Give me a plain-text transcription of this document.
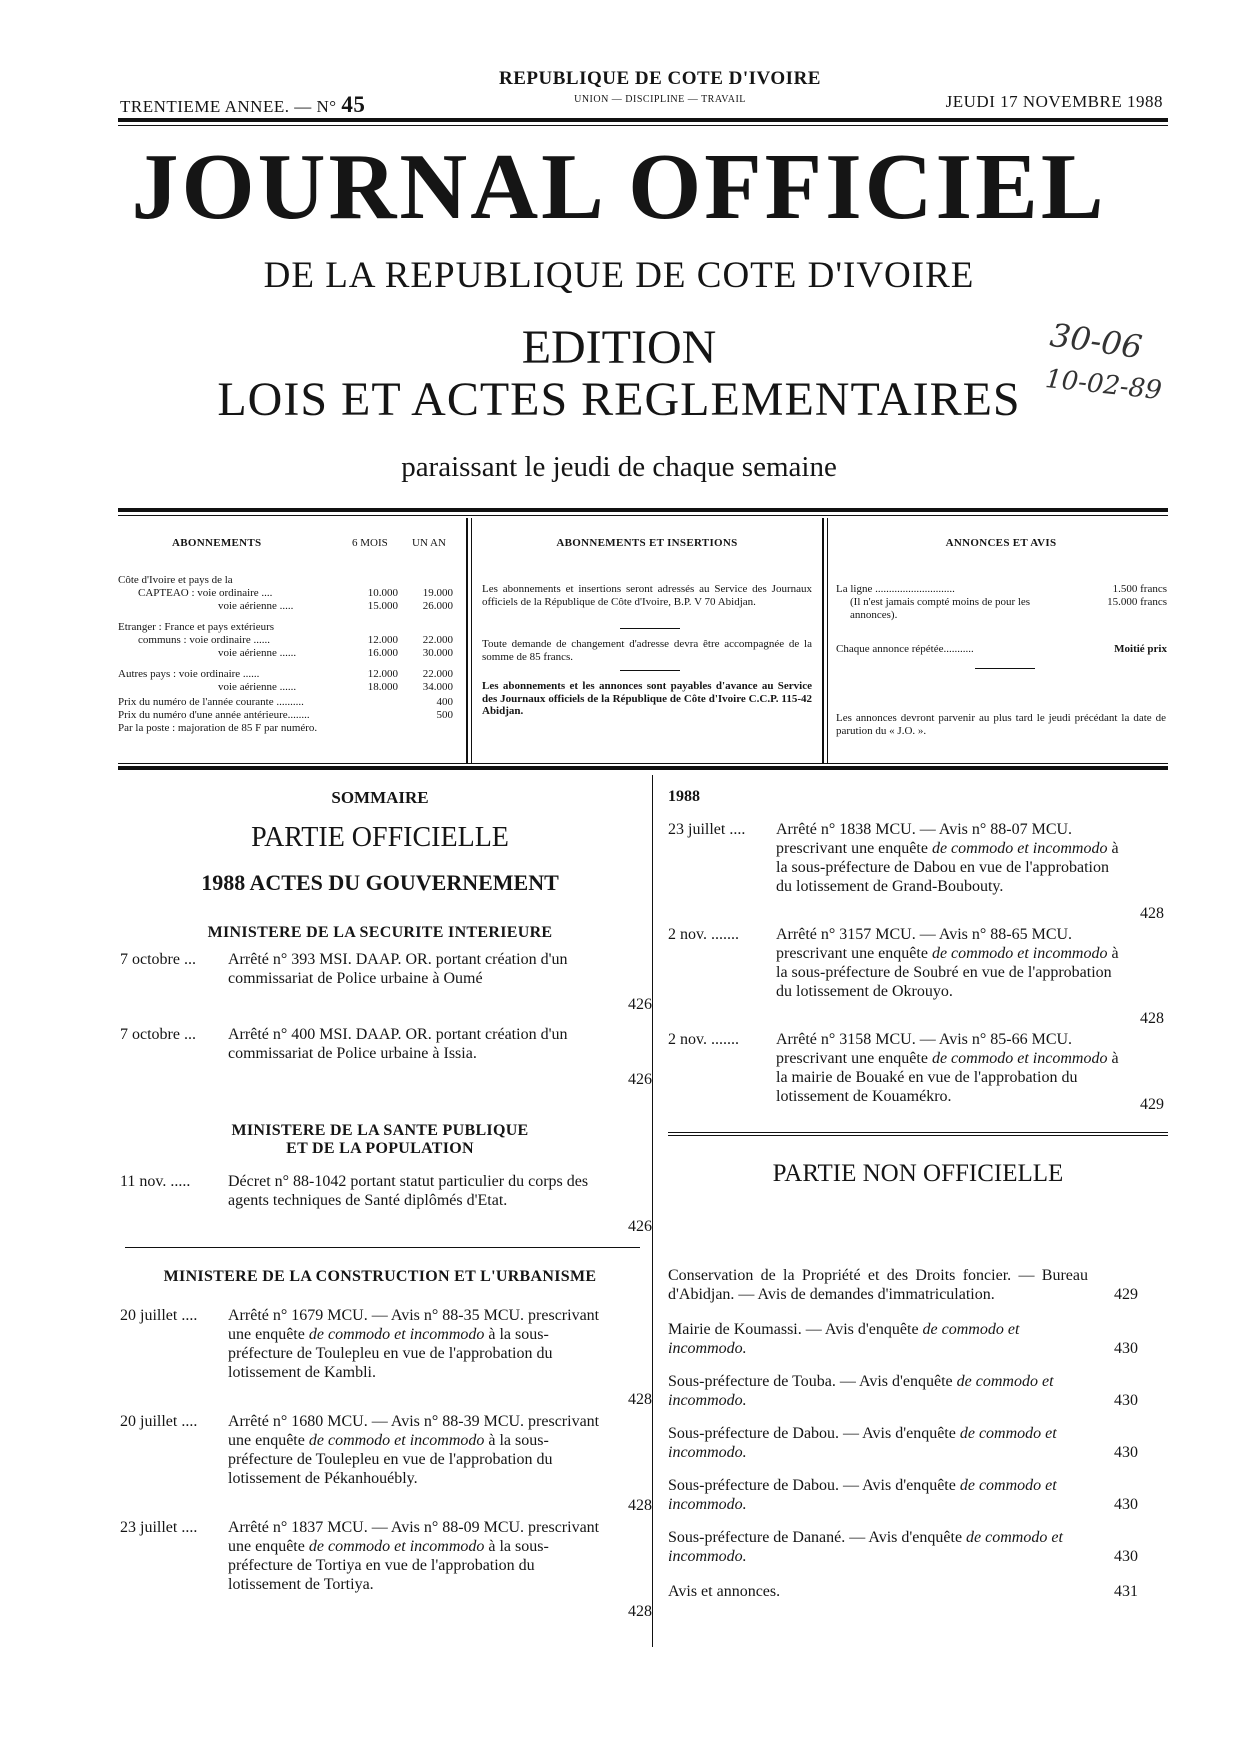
TRENTIEME ANNEE. — N° 45
REPUBLIQUE DE COTE D'IVOIRE
UNION — DISCIPLINE — TRAVAIL	JEUDI 17 NOVEMBRE 1988
JOURNAL OFFICIEL
DE LA REPUBLIQUE DE COTE D'IVOIRE
EDITION
LOIS ET ACTES REGLEMENTAIRES
paraissant le jeudi de chaque semaine
30-06
10-02-89
ABONNEMENTS	6 MOIS UN AN
Côte d'Ivoire et pays de la
CAPTEAO : voie ordinaire ....	10.000	19.000
voie aérienne .....	15.000	26.000
Etranger : France et pays extérieurs
communs : voie ordinaire ......	12.000	22.000
voie aérienne ......	16.000	30.000
Autres pays : voie ordinaire ......	12.000	22.000
voie aérienne ......	18.000	34.000
Prix du numéro de l'année courante ..........	400
Prix du numéro d'une année antérieure........	500
Par la poste : majoration de 85 F par numéro.
ABONNEMENTS ET INSERTIONS
Les abonnements et insertions seront adressés au Service des Journaux officiels de la République de Côte d'Ivoire, B.P. V 70 Abidjan.
Toute demande de changement d'adresse devra être accompagnée de la somme de 85 francs.
Les abonnements et les annonces sont payables d'avance au Service des Journaux officiels de la République de Côte d'Ivoire C.C.P. 115-42 Abidjan.
ANNONCES ET AVIS
La ligne .............................	1.500 francs
(Il n'est jamais compté moins de pour les annonces).
15.000 francs
Chaque annonce répétée...........	Moitié prix
Les annonces devront parvenir au plus tard le jeudi précédant la date de parution du « J.O. ».
SOMMAIRE
PARTIE OFFICIELLE
1988 ACTES DU GOUVERNEMENT
MINISTERE DE LA SECURITE INTERIEURE
7 octobre ... Arrêté n° 393 MSI. DAAP. OR. portant création d'un commissariat de Police urbaine à Oumé
426
7 octobre ... Arrêté n° 400 MSI. DAAP. OR. portant création d'un commissariat de Police urbaine à Issia.
426
MINISTERE DE LA SANTE PUBLIQUE
ET DE LA POPULATION
11 nov. ..... Décret n° 88-1042 portant statut particulier du corps des agents techniques de Santé diplômés d'Etat.
426
MINISTERE DE LA CONSTRUCTION ET L'URBANISME
20 juillet .... Arrêté n° 1679 MCU. — Avis n° 88-35 MCU. prescrivant une enquête de commodo et incommodo à la sous-préfecture de Toulepleu en vue de l'approbation du lotissement de Kambli.
428
20 juillet .... Arrêté n° 1680 MCU. — Avis n° 88-39 MCU. prescrivant une enquête de commodo et incommodo à la sous-préfecture de Toulepleu en vue de l'approbation du lotissement de Pékanhouébly.
428
23 juillet .... Arrêté n° 1837 MCU. — Avis n° 88-09 MCU. prescrivant une enquête de commodo et incommodo à la sous-préfecture de Tortiya en vue de l'approbation du lotissement de Tortiya.
428
1988
23 juillet .... Arrêté n° 1838 MCU. — Avis n° 88-07 MCU. prescrivant une enquête de commodo et incommodo à la sous-préfecture de Dabou en vue de l'approbation du lotissement de Grand-Boubouty.
428
2 nov. ....... Arrêté n° 3157 MCU. — Avis n° 88-65 MCU. prescrivant une enquête de commodo et incommodo à la sous-préfecture de Soubré en vue de l'approbation du lotissement de Okrouyo.
428
2 nov. ....... Arrêté n° 3158 MCU. — Avis n° 85-66 MCU. prescrivant une enquête de commodo et incommodo à la mairie de Bouaké en vue de l'approbation du lotissement de Kouamékro.	429
PARTIE NON OFFICIELLE
Conservation de la Propriété et des Droits foncier. — Bureau d'Abidjan. — Avis de demandes d'immatriculation.	429
Mairie de Koumassi. — Avis d'enquête de commodo et incommodo.	430
Sous-préfecture de Touba. — Avis d'enquête de commodo et incommodo.	430
Sous-préfecture de Dabou. — Avis d'enquête de commodo et incommodo.	430
Sous-préfecture de Dabou. — Avis d'enquête de commodo et incommodo.	430
Sous-préfecture de Danané. — Avis d'enquête de commodo et incommodo.	430
Avis et annonces.	431
